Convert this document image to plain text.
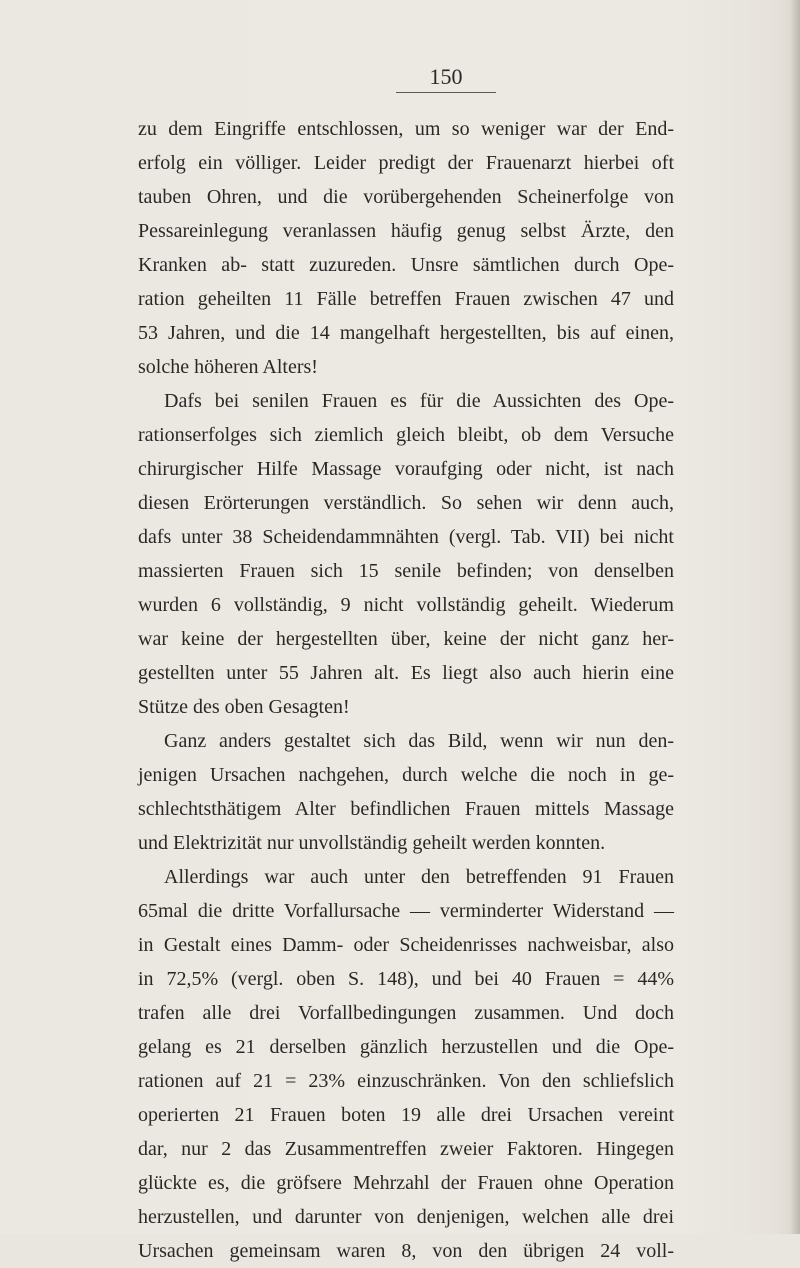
150
zu dem Eingriffe entschlossen, um so weniger war der End-
erfolg ein völliger. Leider predigt der Frauenarzt hierbei oft
tauben Ohren, und die vorübergehenden Scheinerfolge von
Pessareinlegung veranlassen häufig genug selbst Ärzte, den
Kranken ab- statt zuzureden. Unsre sämtlichen durch Ope-
ration geheilten 11 Fälle betreffen Frauen zwischen 47 und
53 Jahren, und die 14 mangelhaft hergestellten, bis auf einen,
solche höheren Alters!
Dafs bei senilen Frauen es für die Aussichten des Ope-
rationserfolges sich ziemlich gleich bleibt, ob dem Versuche
chirurgischer Hilfe Massage voraufging oder nicht, ist nach
diesen Erörterungen verständlich. So sehen wir denn auch,
dafs unter 38 Scheidendammnähten (vergl. Tab. VII) bei nicht
massierten Frauen sich 15 senile befinden; von denselben
wurden 6 vollständig, 9 nicht vollständig geheilt. Wiederum
war keine der hergestellten über, keine der nicht ganz her-
gestellten unter 55 Jahren alt. Es liegt also auch hierin eine
Stütze des oben Gesagten!
Ganz anders gestaltet sich das Bild, wenn wir nun den-
jenigen Ursachen nachgehen, durch welche die noch in ge-
schlechtsthätigem Alter befindlichen Frauen mittels Massage
und Elektrizität nur unvollständig geheilt werden konnten.
Allerdings war auch unter den betreffenden 91 Frauen
65mal die dritte Vorfallursache — verminderter Widerstand —
in Gestalt eines Damm- oder Scheidenrisses nachweisbar, also
in 72,5% (vergl. oben S. 148), und bei 40 Frauen = 44%
trafen alle drei Vorfallbedingungen zusammen. Und doch
gelang es 21 derselben gänzlich herzustellen und die Ope-
rationen auf 21 = 23% einzuschränken. Von den schliefslich
operierten 21 Frauen boten 19 alle drei Ursachen vereint
dar, nur 2 das Zusammentreffen zweier Faktoren. Hingegen
glückte es, die gröfsere Mehrzahl der Frauen ohne Operation
herzustellen, und darunter von denjenigen, welchen alle drei
Ursachen gemeinsam waren 8, von den übrigen 24 voll-
